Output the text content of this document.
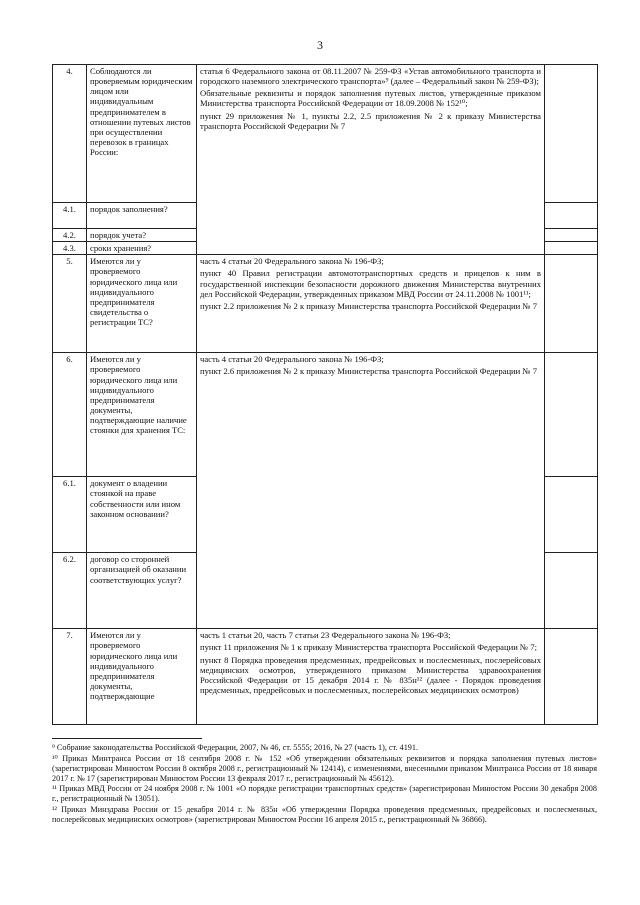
3
4.	Соблюдаются ли проверяемым юридическим лицом или индивидуальным предпринимателем в отношении путевых листов при осуществлении перевозок в границах России:	статья 6 Федерального закона от 08.11.2007 № 259-ФЗ «Устав автомобильного транспорта и городского наземного электрического транспорта»⁹ (далее – Федеральный закон № 259-ФЗ);

Обязательные реквизиты и порядок заполнения путевых листов, утвержденные приказом Министерства транспорта Российской Федерации от 18.09.2008 № 152¹⁰;

пункт 29 приложения № 1, пункты 2.2, 2.5 приложения № 2 к приказу Министерства транспорта Российской Федерации № 7	

4.1.	порядок заполнения?		
4.2.	порядок учета?		
4.3.	сроки хранения?		
5.	Имеются ли у проверяемого юридического лица или индивидуального предпринимателя свидетельства о регистрации ТС?	часть 4 статьи 20 Федерального закона № 196-ФЗ;

пункт 40 Правил регистрации автомототранспортных средств и прицепов к ним в государственной инспекции безопасности дорожного движения Министерства внутренних дел Российской Федерации, утвержденных приказом МВД России от 24.11.2008 № 1001¹¹;

пункт 2.2 приложения № 2 к приказу Министерства транспорта Российской Федерации № 7	

6.	Имеются ли у проверяемого юридического лица или индивидуального предпринимателя документы, подтверждающие наличие стоянки для хранения ТС:	часть 4 статьи 20 Федерального закона № 196-ФЗ;

пункт 2.6 приложения № 2 к приказу Министерства транспорта Российской Федерации № 7	

6.1.	документ о владении стоянкой на праве собственности или ином законном основании?		
6.2.	договор со сторонней организацией об оказании соответствующих услуг?		
7.	Имеются ли у проверяемого юридического лица или индивидуального предпринимателя документы, подтверждающие	часть 1 статьи 20, часть 7 статьи 23 Федерального закона № 196-ФЗ;

пункт 11 приложения № 1 к приказу Министерства транспорта Российской Федерации № 7;

пункт 8 Порядка проведения предсменных, предрейсовых и послесменных, послерейсовых медицинских осмотров, утвержденного приказом Министерства здравоохранения Российской Федерации от 15 декабря 2014 г. № 835н¹² (далее - Порядок проведения предсменных, предрейсовых и послесменных, послерейсовых медицинских осмотров)	

⁹ Собрание законодательства Российской Федерации, 2007, № 46, ст. 5555; 2016, № 27 (часть 1), ст. 4191.

¹⁰ Приказ Минтранса России от 18 сентября 2008 г. № 152 «Об утверждении обязательных реквизитов и порядка заполнения путевых листов» (зарегистрирован Минюстом России 8 октября 2008 г., регистрационный № 12414), с изменениями, внесенными приказом Минтранса России от 18 января 2017 г. № 17 (зарегистрирован Минюстом России 13 февраля 2017 г., регистрационный № 45612).

¹¹ Приказ МВД России от 24 ноября 2008 г. № 1001 «О порядке регистрации транспортных средств» (зарегистрирован Минюстом России 30 декабря 2008 г., регистрационный № 13051).

¹² Приказ Минздрава России от 15 декабря 2014 г. № 835н «Об утверждении Порядка проведения предсменных, предрейсовых и послесменных, послерейсовых медицинских осмотров» (зарегистрирован Минюстом России 16 апреля 2015 г., регистрационный № 36866).
